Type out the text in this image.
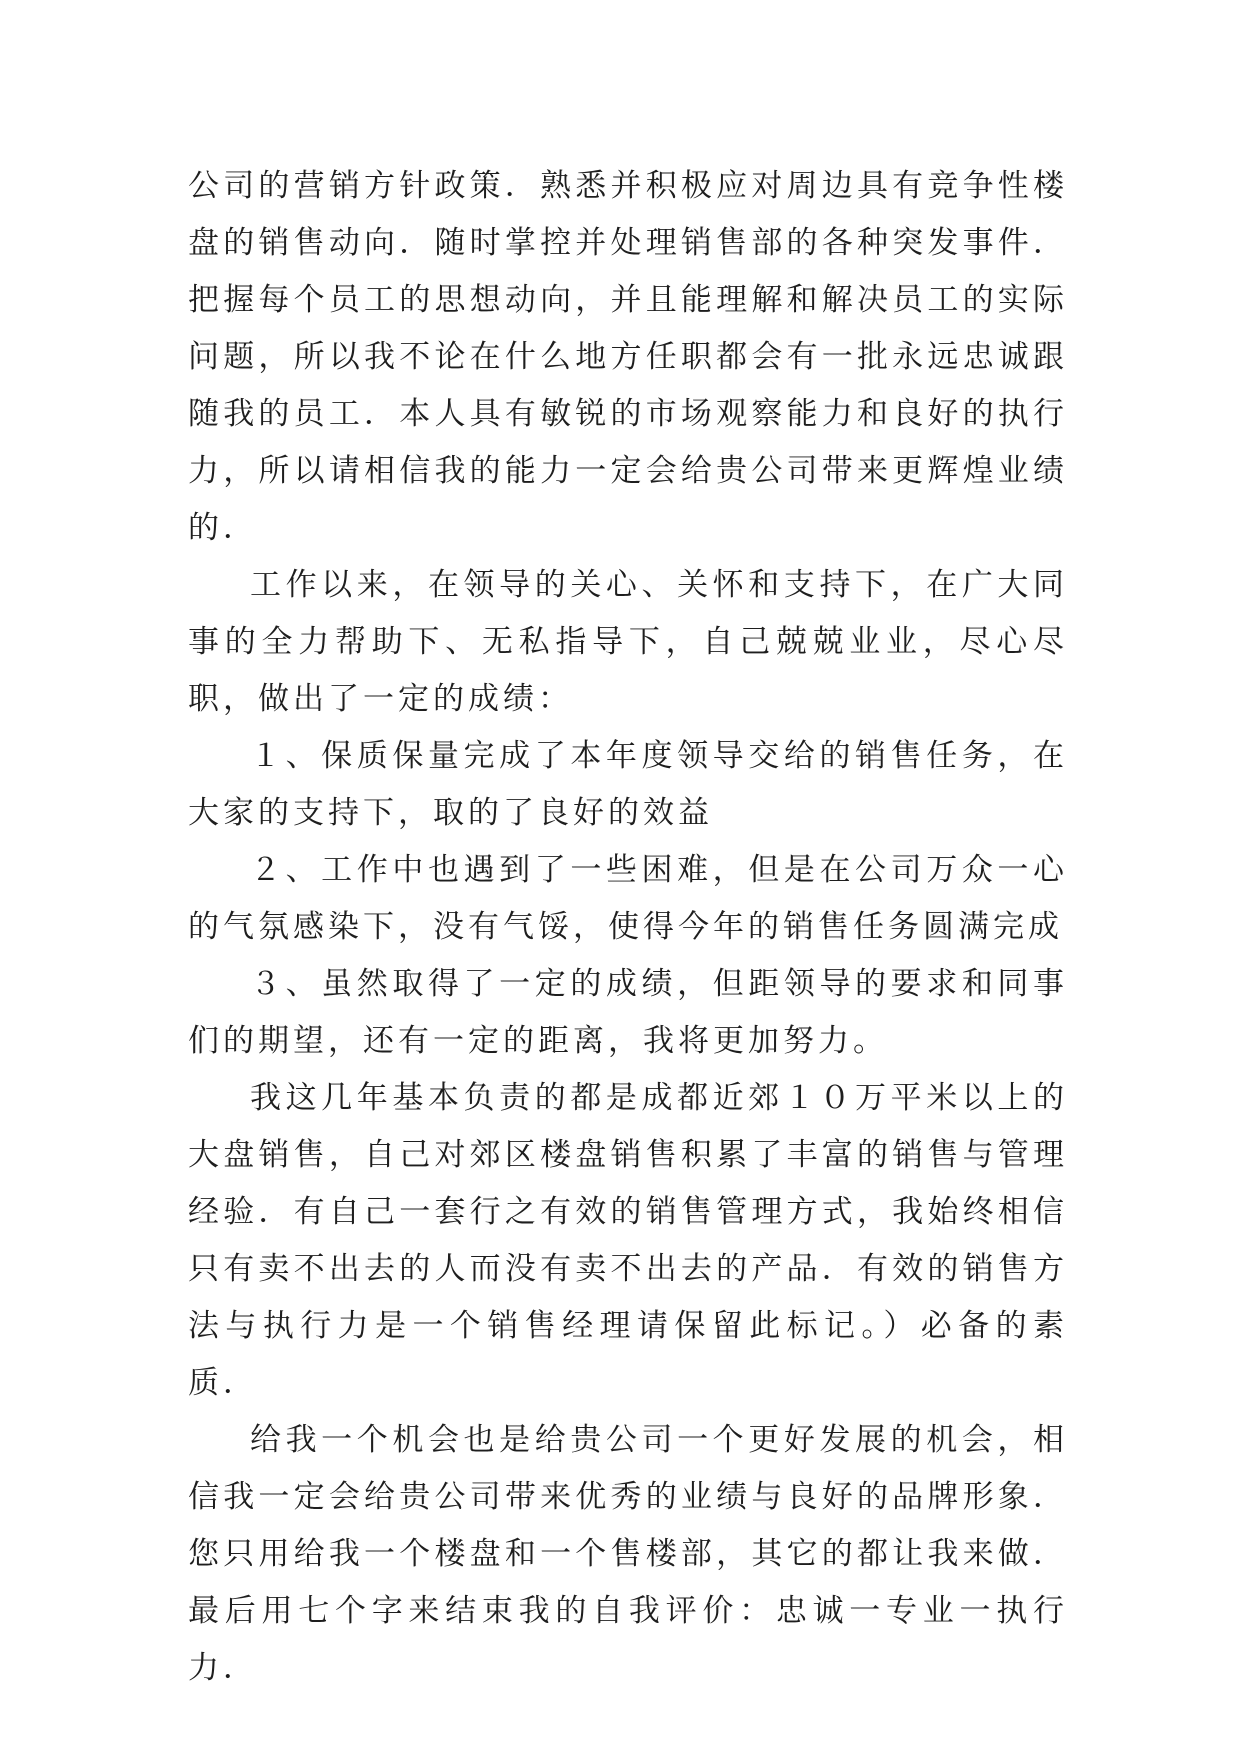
公司的营销方针政策．熟悉并积极应对周边具有竞争性楼盘的销售动向．随时掌控并处理销售部的各种突发事件．把握每个员工的思想动向，并且能理解和解决员工的实际问题，所以我不论在什么地方任职都会有一批永远忠诚跟随我的员工．本人具有敏锐的市场观察能力和良好的执行力，所以请相信我的能力一定会给贵公司带来更辉煌业绩的．

工作以来，在领导的关心、关怀和支持下，在广大同事的全力帮助下、无私指导下，自己兢兢业业，尽心尽职，做出了一定的成绩：

１、保质保量完成了本年度领导交给的销售任务，在大家的支持下，取的了良好的效益

２、工作中也遇到了一些困难，但是在公司万众一心的气氛感染下，没有气馁，使得今年的销售任务圆满完成

３、虽然取得了一定的成绩，但距领导的要求和同事们的期望，还有一定的距离，我将更加努力。

我这几年基本负责的都是成都近郊１０万平米以上的大盘销售，自己对郊区楼盘销售积累了丰富的销售与管理经验．有自己一套行之有效的销售管理方式，我始终相信只有卖不出去的人而没有卖不出去的产品．有效的销售方法与执行力是一个销售经理请保留此标记。）必备的素质．

给我一个机会也是给贵公司一个更好发展的机会，相信我一定会给贵公司带来优秀的业绩与良好的品牌形象．您只用给我一个楼盘和一个售楼部，其它的都让我来做．最后用七个字来结束我的自我评价：忠诚一专业一执行力．
